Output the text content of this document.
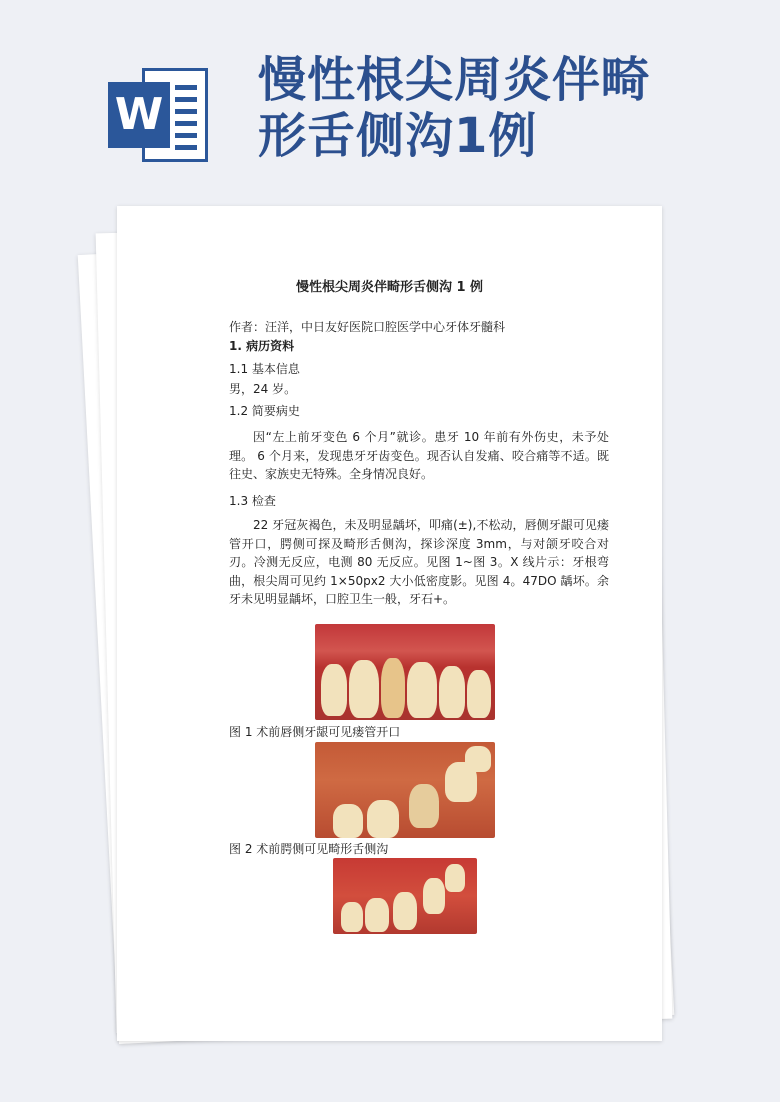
W
慢性根尖周炎伴畸
形舌侧沟1例
慢性根尖周炎伴畸形舌侧沟 1 例

作者：汪洋，中日友好医院口腔医学中心牙体牙髓科

1. 病历资料

1.1 基本信息

男，24 岁。

1.2 简要病史

因“左上前牙变色 6 个月”就诊。患牙 10 年前有外伤史，未予处理。 6 个月来，发现患牙牙齿变色。现否认自发痛、咬合痛等不适。既往史、家族史无特殊。全身情况良好。

1.3 检查

22 牙冠灰褐色，未及明显龋坏，叩痛(±),不松动，唇侧牙龈可见瘘管开口，腭侧可探及畸形舌侧沟，探诊深度 3mm，与对颌牙咬合对刃。冷测无反应，电测 80 无反应。见图 1~图 3。X 线片示：牙根弯曲，根尖周可见约 1×50px2 大小低密度影。见图 4。47DO 龋坏。余牙未见明显龋坏，口腔卫生一般，牙石+。

图 1 术前唇侧牙龈可见瘘管开口
图 2 术前腭侧可见畸形舌侧沟
